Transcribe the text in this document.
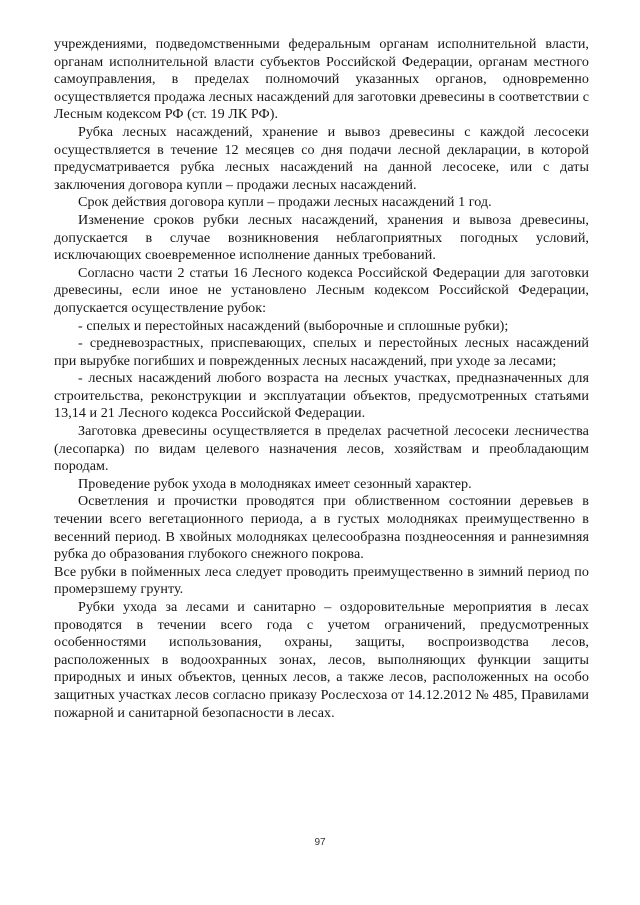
учреждениями, подведомственными федеральным органам исполнительной власти, органам исполнительной власти субъектов Российской Федерации, органам местного самоуправления, в пределах полномочий указанных органов, одновременно осуществляется продажа лесных насаждений для заготовки древесины в соответствии с Лесным кодексом РФ (ст. 19 ЛК РФ).

Рубка лесных насаждений, хранение и вывоз древесины с каждой лесосеки осуществляется в течение 12 месяцев со дня подачи лесной декларации, в которой предусматривается рубка лесных насаждений на данной лесосеке, или с даты заключения договора купли – продажи лесных насаждений.

Срок действия договора купли – продажи лесных насаждений 1 год.

Изменение сроков рубки лесных насаждений, хранения и вывоза древесины, допускается в случае возникновения неблагоприятных погодных условий, исключающих своевременное исполнение данных требований.

Согласно части 2 статьи 16 Лесного кодекса Российской Федерации для заготовки древесины, если иное не установлено Лесным кодексом Российской Федерации, допускается осуществление рубок:

- спелых и перестойных насаждений (выборочные и сплошные рубки);

- средневозрастных, приспевающих, спелых и перестойных лесных насаждений при вырубке погибших и поврежденных лесных насаждений, при уходе за лесами;

- лесных насаждений любого возраста на лесных участках, предназначенных для строительства, реконструкции и эксплуатации объектов, предусмотренных статьями 13,14 и 21 Лесного кодекса Российской Федерации.

Заготовка древесины осуществляется в пределах расчетной лесосеки лесничества (лесопарка) по видам целевого назначения лесов, хозяйствам и преобладающим породам.

Проведение рубок ухода в молодняках имеет сезонный характер.

Осветления и прочистки проводятся при облиственном состоянии деревьев в течении всего вегетационного периода, а в густых молодняках преимущественно в весенний период. В хвойных молодняках целесообразна позднеосенняя и раннезимняя рубка до образования глубокого снежного покрова.

Все рубки в пойменных леса следует проводить преимущественно в зимний период по промерзшему грунту.

Рубки ухода за лесами и санитарно – оздоровительные мероприятия в лесах проводятся в течении всего года с учетом ограничений, предусмотренных особенностями использования, охраны, защиты, воспроизводства лесов, расположенных в водоохранных зонах, лесов, выполняющих функции защиты природных и иных объектов, ценных лесов, а также лесов, расположенных на особо защитных участках лесов согласно приказу Рослесхоза от 14.12.2012 № 485, Правилами пожарной и санитарной безопасности в лесах.

97
